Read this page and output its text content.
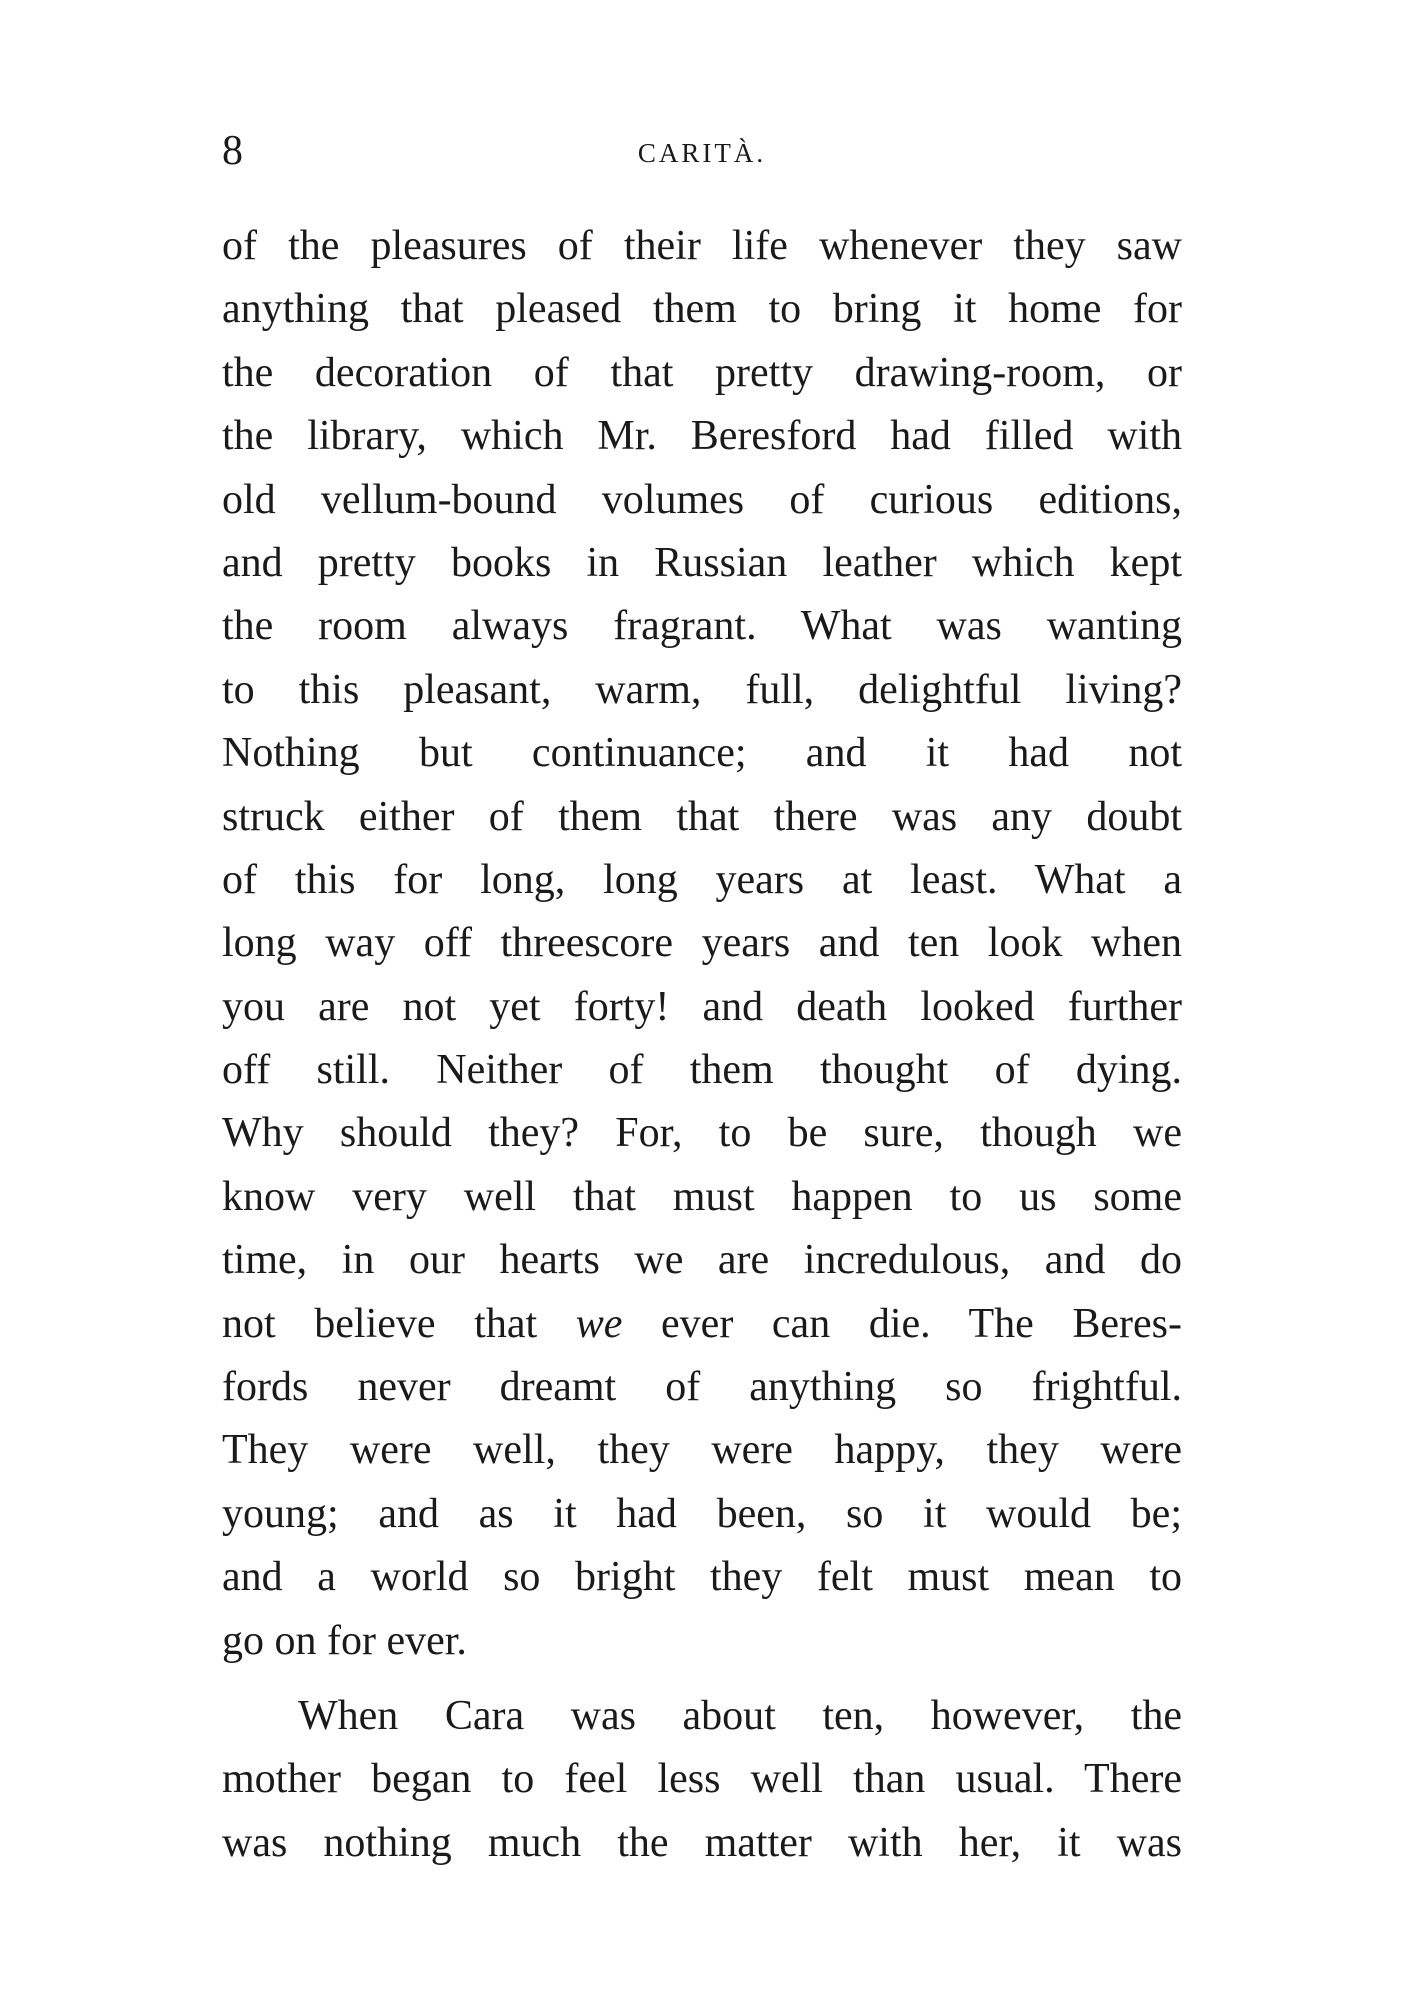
8	CARITÀ.
of the pleasures of their life whenever they saw
anything that pleased them to bring it home for
the decoration of that pretty drawing-room, or
the library, which Mr. Beresford had filled with
old vellum-bound volumes of curious editions,
and pretty books in Russian leather which kept
the room always fragrant. What was wanting
to this pleasant, warm, full, delightful living?
Nothing but continuance; and it had not
struck either of them that there was any doubt
of this for long, long years at least. What a
long way off threescore years and ten look when
you are not yet forty! and death looked further
off still. Neither of them thought of dying.
Why should they? For, to be sure, though we
know very well that must happen to us some
time, in our hearts we are incredulous, and do
not believe that we ever can die. The Beres-
fords never dreamt of anything so frightful.
They were well, they were happy, they were
young; and as it had been, so it would be;
and a world so bright they felt must mean to
go on for ever.
When Cara was about ten, however, the
mother began to feel less well than usual. There
was nothing much the matter with her, it was
